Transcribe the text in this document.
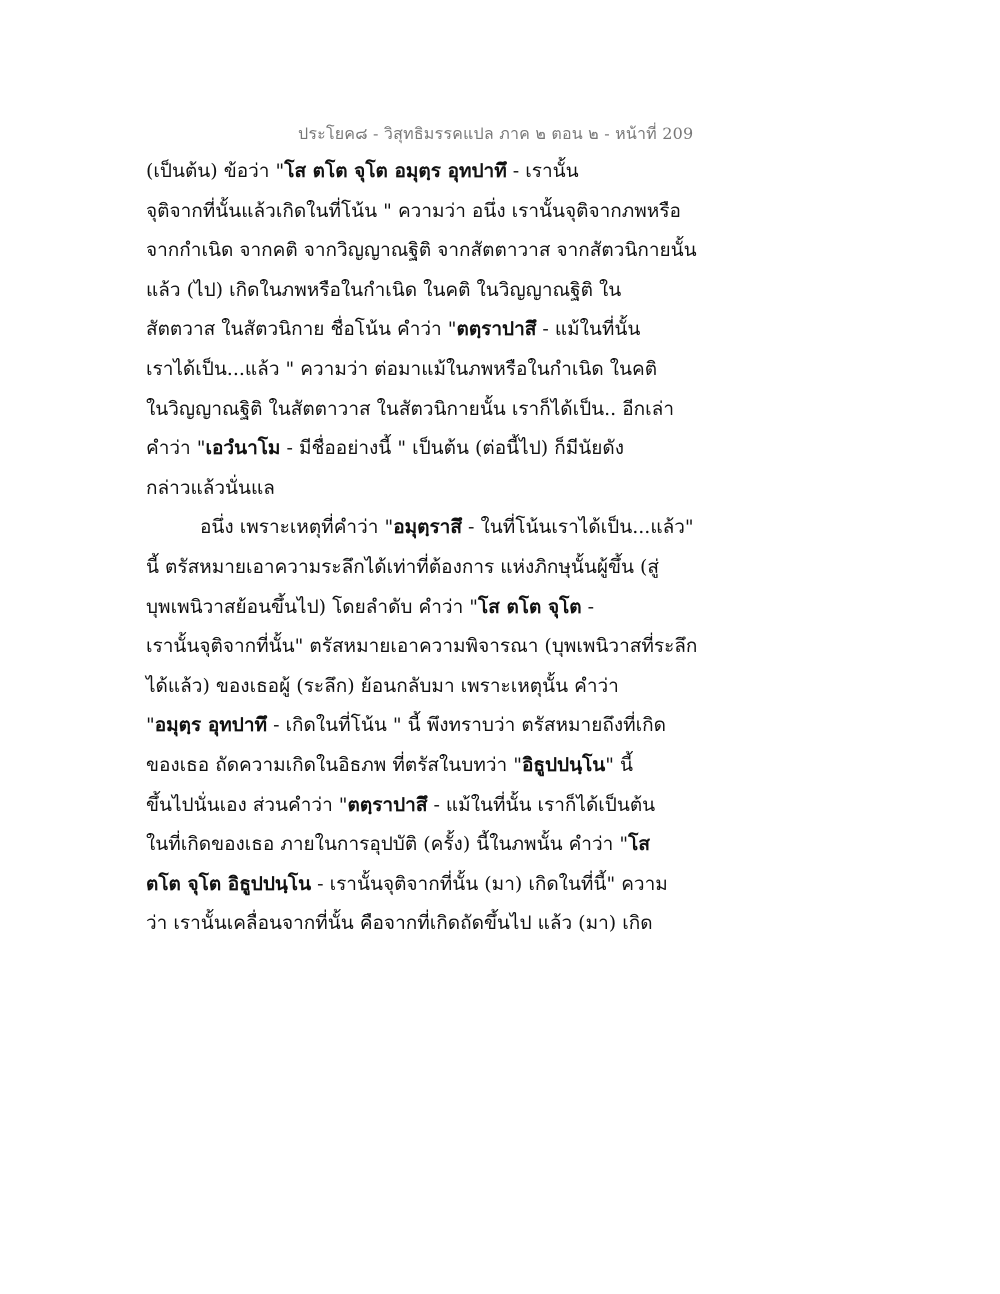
ประโยค๘ - วิสุทธิมรรคแปล ภาค ๒ ตอน ๒ - หน้าที่ 209
(เป็นต้น) ข้อว่า "โส ตโต จุโต อมุตฺร อุทปาทึ - เรานั้น
จุติจากที่นั้นแล้วเกิดในที่โน้น " ความว่า อนึ่ง เรานั้นจุติจากภพหรือ
จากกำเนิด จากคติ จากวิญญาณฐิติ จากสัตตาวาส จากสัตวนิกายนั้น
แล้ว (ไป) เกิดในภพหรือในกำเนิด ในคติ ในวิญญาณฐิติ ใน
สัตตวาส ในสัตวนิกาย ชื่อโน้น คำว่า "ตตฺราปาสึ - แม้ในที่นั้น
เราได้เป็น...แล้ว " ความว่า ต่อมาแม้ในภพหรือในกำเนิด ในคติ
ในวิญญาณฐิติ ในสัตตาวาส ในสัตวนิกายนั้น เราก็ได้เป็น.. อีกเล่า
คำว่า "เอวํนาโม - มีชื่ออย่างนี้ " เป็นต้น (ต่อนี้ไป) ก็มีนัยดัง
กล่าวแล้วนั่นแล
อนึ่ง เพราะเหตุที่คำว่า "อมุตฺราสึ - ในที่โน้นเราได้เป็น...แล้ว"
นี้ ตรัสหมายเอาความระลึกได้เท่าที่ต้องการ แห่งภิกษุนั้นผู้ขึ้น (สู่
บุพเพนิวาสย้อนขึ้นไป) โดยลำดับ คำว่า "โส ตโต จุโต -
เรานั้นจุติจากที่นั้น" ตรัสหมายเอาความพิจารณา (บุพเพนิวาสที่ระลึก
ได้แล้ว) ของเธอผู้ (ระลึก) ย้อนกลับมา เพราะเหตุนั้น คำว่า
"อมุตฺร อุทปาทึ - เกิดในที่โน้น " นี้ พึงทราบว่า ตรัสหมายถึงที่เกิด
ของเธอ ถัดความเกิดในอิธภพ ที่ตรัสในบทว่า "อิธูปปนฺโน" นี้
ขึ้นไปนั่นเอง ส่วนคำว่า "ตตฺราปาสึ - แม้ในที่นั้น เราก็ได้เป็นต้น
ในที่เกิดของเธอ ภายในการอุปบัติ (ครั้ง) นี้ในภพนั้น คำว่า "โส
ตโต จุโต อิธูปปนฺโน - เรานั้นจุติจากที่นั้น (มา) เกิดในที่นี้" ความ
ว่า เรานั้นเคลื่อนจากที่นั้น คือจากที่เกิดถัดขึ้นไป แล้ว (มา) เกิด
